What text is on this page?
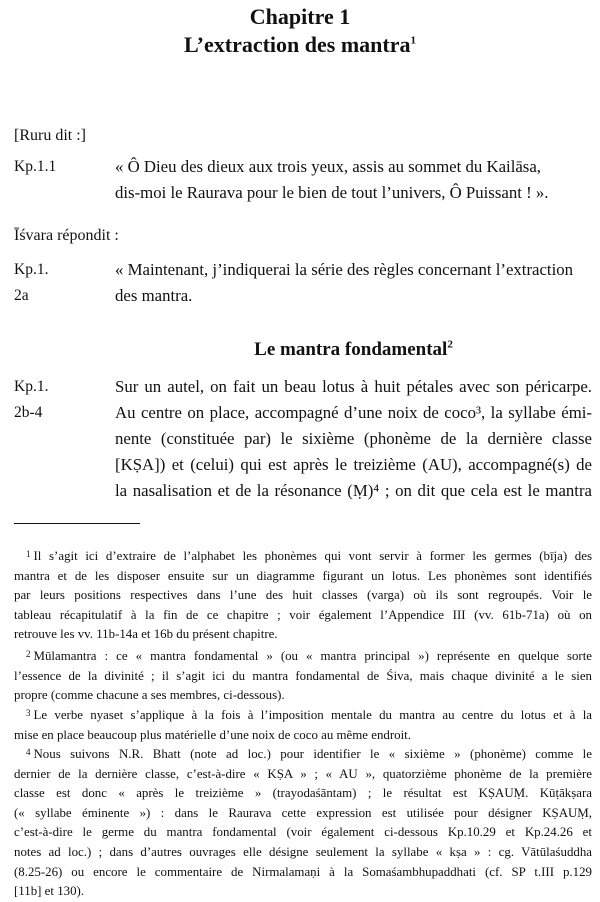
Chapitre 1
L’extraction des mantra$^1$
[Ruru dit :]
Kp.1.1	« Ô Dieu des dieux aux trois yeux, assis au sommet du Kailāsa,
dis-moi le Raurava pour le bien de tout l’univers, Ô Puissant ! ».
Īśvara répondit :
Kp.1.
2a
« Maintenant, j’indiquerai la série des règles concernant l’extraction
des mantra.
Le mantra fondamental$^2$
Kp.1.
2b-4
Sur un autel, on fait un beau lotus à huit pétales avec son péricarpe.
Au centre on place, accompagné d’une noix de coco³, la syllabe émi-
nente (constituée par) le sixième (phonème de la dernière classe
[KṢA]) et (celui) qui est après le treizième (AU), accompagné(s) de
la nasalisation et de la résonance (Ṃ)⁴ ; on dit que cela est le mantra
$^1$ Il s’agit ici d’extraire de l’alphabet les phonèmes qui vont servir à former les germes (bīja) des
mantra et de les disposer ensuite sur un diagramme figurant un lotus. Les phonèmes sont identifiés
par leurs positions respectives dans l’une des huit classes (varga) où ils sont regroupés. Voir le
tableau récapitulatif à la fin de ce chapitre ; voir également l’Appendice III (vv. 61b-71a) où on
retrouve les vv. 11b-14a et 16b du présent chapitre.
$^2$ Mūlamantra : ce « mantra fondamental » (ou « mantra principal ») représente en quelque sorte
l’essence de la divinité ; il s’agit ici du mantra fondamental de Śiva, mais chaque divinité a le sien
propre (comme chacune a ses membres, ci-dessous).
$^3$ Le verbe nyaset s’applique à la fois à l’imposition mentale du mantra au centre du lotus et à la
mise en place beaucoup plus matérielle d’une noix de coco au même endroit.
$^4$ Nous suivons N.R. Bhatt (note ad loc.) pour identifier le « sixième » (phonème) comme le
dernier de la dernière classe, c’est-à-dire « KṢA » ; « AU », quatorzième phonème de la première
classe est donc « après le treizième » (trayodaśāntam) ; le résultat est KṢAUṂ. Kūṭākṣara
(« syllabe éminente ») : dans le Raurava cette expression est utilisée pour désigner KṢAUṂ,
c’est-à-dire le germe du mantra fondamental (voir également ci-dessous Kp.10.29 et Kp.24.26 et
notes ad loc.) ; dans d’autres ouvrages elle désigne seulement la syllabe « kṣa » : cg. Vātūlaśuddha
(8.25-26) ou encore le commentaire de Nirmalamaṇi à la Somaśambhupaddhati (cf. SP t.III p.129
[11b] et 130).
